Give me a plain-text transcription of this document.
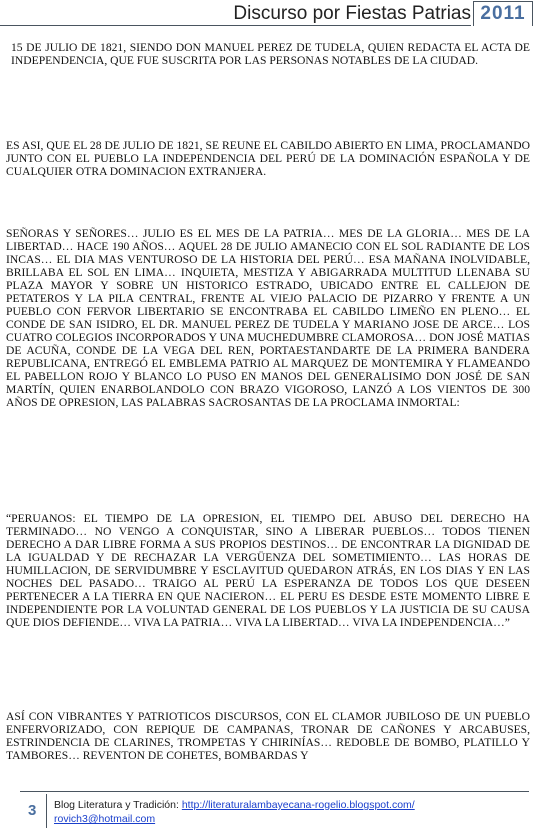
Discurso por Fiestas Patrias 2011

15 DE JULIO DE 1821, SIENDO DON MANUEL PEREZ DE TUDELA, QUIEN REDACTA EL ACTA DE INDEPENDENCIA, QUE FUE SUSCRITA POR LAS PERSONAS NOTABLES DE LA CIUDAD.

ES ASI, QUE EL 28 DE JULIO DE 1821, SE REUNE EL CABILDO ABIERTO EN LIMA, PROCLAMANDO JUNTO CON EL PUEBLO LA INDEPENDENCIA DEL PERÚ DE LA DOMINACIÓN ESPAÑOLA Y DE CUALQUIER OTRA DOMINACION EXTRANJERA.

SEÑORAS Y SEÑORES… JULIO ES EL MES DE LA PATRIA… MES DE LA GLORIA… MES DE LA LIBERTAD… HACE 190 AÑOS… AQUEL 28 DE JULIO AMANECIO CON EL SOL RADIANTE DE LOS INCAS… EL DIA MAS VENTUROSO DE LA HISTORIA DEL PERÚ… ESA MAÑANA INOLVIDABLE, BRILLABA EL SOL EN LIMA… INQUIETA, MESTIZA Y ABIGARRADA MULTITUD LLENABA SU PLAZA MAYOR Y SOBRE UN HISTORICO ESTRADO, UBICADO ENTRE EL CALLEJON DE PETATEROS Y LA PILA CENTRAL, FRENTE AL VIEJO PALACIO DE PIZARRO Y FRENTE A UN PUEBLO CON FERVOR LIBERTARIO SE ENCONTRABA EL CABILDO LIMEÑO EN PLENO… EL CONDE DE SAN ISIDRO, EL DR. MANUEL PEREZ DE TUDELA Y MARIANO JOSE DE ARCE… LOS CUATRO COLEGIOS INCORPORADOS Y UNA MUCHEDUMBRE CLAMOROSA… DON JOSÉ MATIAS DE ACUÑA, CONDE DE LA VEGA DEL REN, PORTAESTANDARTE DE LA PRIMERA BANDERA REPUBLICANA, ENTREGÓ EL EMBLEMA PATRIO AL MARQUEZ DE MONTEMIRA Y FLAMEANDO EL PABELLON ROJO Y BLANCO LO PUSO EN MANOS DEL GENERALISIMO DON JOSÉ DE SAN MARTÍN, QUIEN ENARBOLANDOLO CON BRAZO VIGOROSO, LANZÓ A LOS VIENTOS DE 300 AÑOS DE OPRESION, LAS PALABRAS SACROSANTAS DE LA PROCLAMA INMORTAL:

“PERUANOS: EL TIEMPO DE LA OPRESION, EL TIEMPO DEL ABUSO DEL DERECHO HA TERMINADO… NO VENGO A CONQUISTAR, SINO A LIBERAR PUEBLOS… TODOS TIENEN DERECHO A DAR LIBRE FORMA A SUS PROPIOS DESTINOS… DE ENCONTRAR LA DIGNIDAD DE LA IGUALDAD Y DE RECHAZAR LA VERGÜENZA DEL SOMETIMIENTO… LAS HORAS DE HUMILLACION, DE SERVIDUMBRE Y ESCLAVITUD QUEDARON ATRÁS, EN LOS DIAS Y EN LAS NOCHES DEL PASADO… TRAIGO AL PERÚ LA ESPERANZA DE TODOS LOS QUE DESEEN PERTENECER A LA TIERRA EN QUE NACIERON… EL PERU ES DESDE ESTE MOMENTO LIBRE E INDEPENDIENTE POR LA VOLUNTAD GENERAL DE LOS PUEBLOS Y LA JUSTICIA DE SU CAUSA QUE DIOS DEFIENDE… VIVA LA PATRIA… VIVA LA LIBERTAD… VIVA LA INDEPENDENCIA…”

ASÍ CON VIBRANTES Y PATRIOTICOS DISCURSOS, CON EL CLAMOR JUBILOSO DE UN PUEBLO ENFERVORIZADO, CON REPIQUE DE CAMPANAS, TRONAR DE CAÑONES Y ARCABUSES, ESTRINDENCIA DE CLARINES, TROMPETAS Y CHIRINÍAS… REDOBLE DE BOMBO, PLATILLO Y TAMBORES… REVENTON DE COHETES, BOMBARDAS Y

3 Blog Literatura y Tradición: http://literaturalambayecana-rogelio.blogspot.com/
rovich3@hotmail.com
